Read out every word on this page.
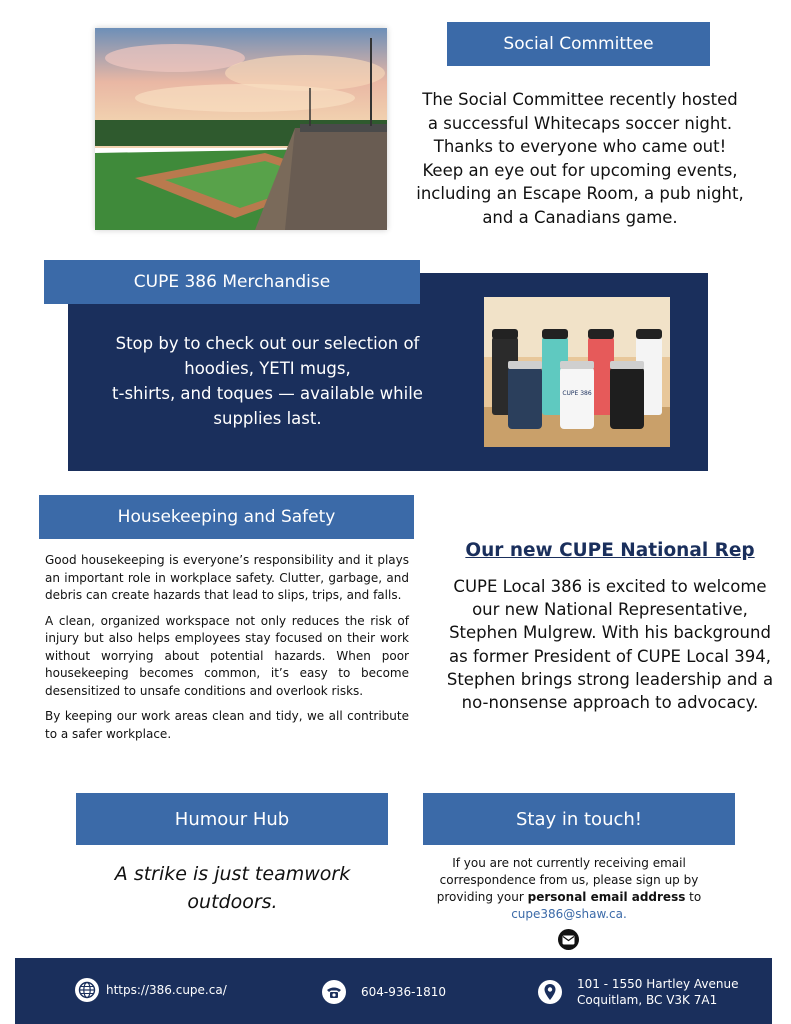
Social Committee
The Social Committee recently hosted a successful Whitecaps soccer night. Thanks to everyone who came out! Keep an eye out for upcoming events, including an Escape Room, a pub night, and a Canadians game.
CUPE 386 Merchandise
Stop by to check out our selection of
hoodies, YETI mugs,
t-shirts, and toques — available while supplies last.
CUPE 386
Housekeeping and Safety

Good housekeeping is everyone’s responsibility and it plays an important role in workplace safety. Clutter, garbage, and debris can create hazards that lead to slips, trips, and falls.

A clean, organized workspace not only reduces the risk of injury but also helps employees stay focused on their work without worrying about potential hazards. When poor housekeeping becomes common, it’s easy to become desensitized to unsafe conditions and overlook risks.

By keeping our work areas clean and tidy, we all contribute to a safer workplace.

Our new CUPE National Rep
CUPE Local 386 is excited to welcome our new National Representative, Stephen Mulgrew. With his background as former President of CUPE Local 394, Stephen brings strong leadership and a no-nonsense approach to advocacy.
Humour Hub
A strike is just teamwork outdoors.
Stay in touch!
If you are not currently receiving email correspondence from us, please sign up by providing your personal email address to
cupe386@shaw.ca.
https://386.cupe.ca/	604-936-1810
101 - 1550 Hartley Avenue
Coquitlam, BC V3K 7A1
